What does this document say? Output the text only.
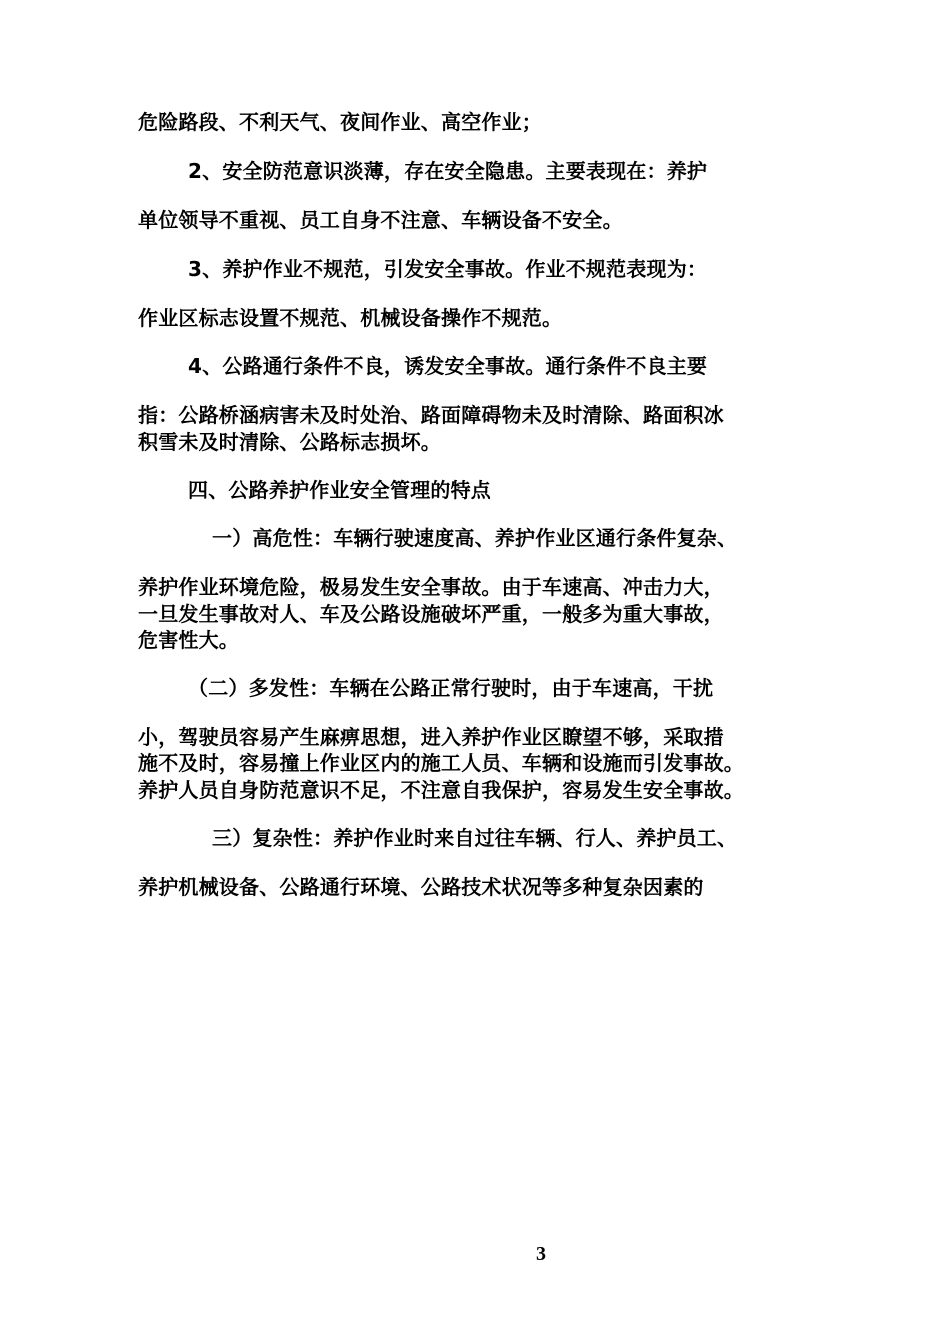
危险路段、不利天气、夜间作业、高空作业；
2、安全防范意识淡薄，存在安全隐患。主要表现在：养护
单位领导不重视、员工自身不注意、车辆设备不安全。
3、养护作业不规范，引发安全事故。作业不规范表现为：
作业区标志设置不规范、机械设备操作不规范。
4、公路通行条件不良，诱发安全事故。通行条件不良主要
指：公路桥涵病害未及时处治、路面障碍物未及时清除、路面积冰
积雪未及时清除、公路标志损坏。
四、公路养护作业安全管理的特点
一）高危性：车辆行驶速度高、养护作业区通行条件复杂、
养护作业环境危险，极易发生安全事故。由于车速高、冲击力大，
一旦发生事故对人、车及公路设施破坏严重，一般多为重大事故，
危害性大。
（二）多发性：车辆在公路正常行驶时，由于车速高，干扰
小，驾驶员容易产生麻痹思想，进入养护作业区瞭望不够，采取措
施不及时，容易撞上作业区内的施工人员、车辆和设施而引发事故。
养护人员自身防范意识不足，不注意自我保护，容易发生安全事故。
三）复杂性：养护作业时来自过往车辆、行人、养护员工、
养护机械设备、公路通行环境、公路技术状况等多种复杂因素的
3
